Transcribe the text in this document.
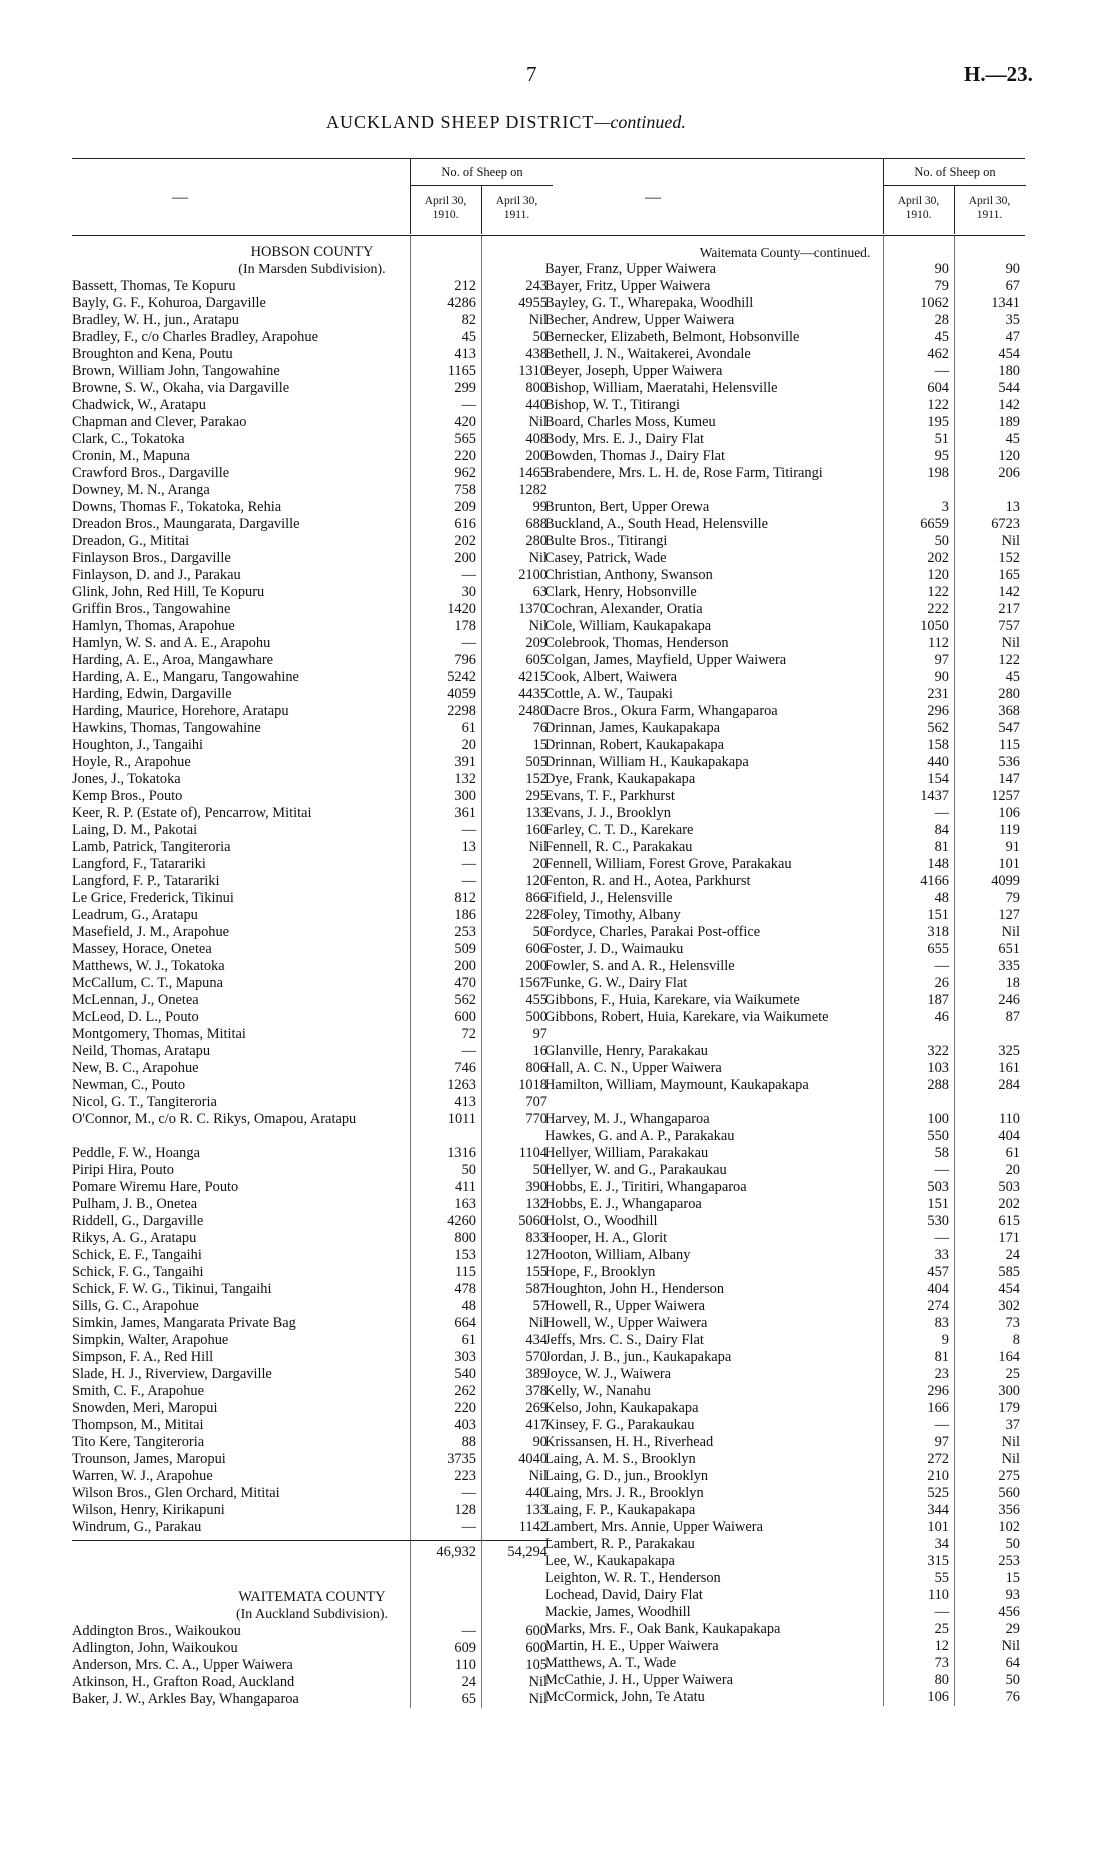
7	H.—23.
AUCKLAND SHEEP DISTRICT—continued.
—
No. of Sheep on
April 30, 1910.
April 30, 1911.
HOBSON COUNTY
(In Marsden Subdivision).
Bassett, Thomas, Te Kopuru	212	243
Bayly, G. F., Kohuroa, Dargaville	4286	4955
Bradley, W. H., jun., Aratapu	82	Nil
Bradley, F., c/o Charles Bradley, Arapohue	45	50
Broughton and Kena, Poutu	413	438
Brown, William John, Tangowahine	1165	1310
Browne, S. W., Okaha, via Dargaville	299	800
Chadwick, W., Aratapu	—	440
Chapman and Clever, Parakao	420	Nil
Clark, C., Tokatoka	565	408
Cronin, M., Mapuna	220	200
Crawford Bros., Dargaville	962	1465
Downey, M. N., Aranga	758	1282
Downs, Thomas F., Tokatoka, Rehia	209	99
Dreadon Bros., Maungarata, Dargaville	616	688
Dreadon, G., Mititai	202	280
Finlayson Bros., Dargaville	200	Nil
Finlayson, D. and J., Parakau	—	2100
Glink, John, Red Hill, Te Kopuru	30	63
Griffin Bros., Tangowahine	1420	1370
Hamlyn, Thomas, Arapohue	178	Nil
Hamlyn, W. S. and A. E., Arapohu	—	209
Harding, A. E., Aroa, Mangawhare	796	605
Harding, A. E., Mangaru, Tangowahine	5242	4215
Harding, Edwin, Dargaville	4059	4435
Harding, Maurice, Horehore, Aratapu	2298	2480
Hawkins, Thomas, Tangowahine	61	76
Houghton, J., Tangaihi	20	15
Hoyle, R., Arapohue	391	505
Jones, J., Tokatoka	132	152
Kemp Bros., Pouto	300	295
Keer, R. P. (Estate of), Pencarrow, Mititai	361	133
Laing, D. M., Pakotai	—	160
Lamb, Patrick, Tangiteroria	13	Nil
Langford, F., Tatarariki	—	20
Langford, F. P., Tatarariki	—	120
Le Grice, Frederick, Tikinui	812	866
Leadrum, G., Aratapu	186	228
Masefield, J. M., Arapohue	253	50
Massey, Horace, Onetea	509	606
Matthews, W. J., Tokatoka	200	200
McCallum, C. T., Mapuna	470	1567
McLennan, J., Onetea	562	455
McLeod, D. L., Pouto	600	500
Montgomery, Thomas, Mititai	72	97
Neild, Thomas, Aratapu	—	16
New, B. C., Arapohue	746	806
Newman, C., Pouto	1263	1018
Nicol, G. T., Tangiteroria	413	707
O'Connor, M., c/o R. C. Rikys, Omapou, Aratapu	1011	770
Peddle, F. W., Hoanga	1316	1104
Piripi Hira, Pouto	50	50
Pomare Wiremu Hare, Pouto	411	390
Pulham, J. B., Onetea	163	132
Riddell, G., Dargaville	4260	5060
Rikys, A. G., Aratapu	800	833
Schick, E. F., Tangaihi	153	127
Schick, F. G., Tangaihi	115	155
Schick, F. W. G., Tikinui, Tangaihi	478	587
Sills, G. C., Arapohue	48	57
Simkin, James, Mangarata Private Bag	664	Nil
Simpkin, Walter, Arapohue	61	434
Simpson, F. A., Red Hill	303	570
Slade, H. J., Riverview, Dargaville	540	389
Smith, C. F., Arapohue	262	378
Snowden, Meri, Maropui	220	269
Thompson, M., Mititai	403	417
Tito Kere, Tangiteroria	88	90
Trounson, James, Maropui	3735	4040
Warren, W. J., Arapohue	223	Nil
Wilson Bros., Glen Orchard, Mititai	—	440
Wilson, Henry, Kirikapuni	128	133
Windrum, G., Parakau	—	1142
46,932	54,294
WAITEMATA COUNTY
(In Auckland Subdivision).
Addington Bros., Waikoukou	—	600
Adlington, John, Waikoukou	609	600
Anderson, Mrs. C. A., Upper Waiwera	110	105
Atkinson, H., Grafton Road, Auckland	24	Nil
Baker, J. W., Arkles Bay, Whangaparoa	65	Nil
—
No. of Sheep on
April 30, 1910.
April 30, 1911.
Waitemata County—continued.
Bayer, Franz, Upper Waiwera	90	90
Bayer, Fritz, Upper Waiwera	79	67
Bayley, G. T., Wharepaka, Woodhill	1062	1341
Becher, Andrew, Upper Waiwera	28	35
Bernecker, Elizabeth, Belmont, Hobsonville	45	47
Bethell, J. N., Waitakerei, Avondale	462	454
Beyer, Joseph, Upper Waiwera	—	180
Bishop, William, Maeratahi, Helensville	604	544
Bishop, W. T., Titirangi	122	142
Board, Charles Moss, Kumeu	195	189
Body, Mrs. E. J., Dairy Flat	51	45
Bowden, Thomas J., Dairy Flat	95	120
Brabendere, Mrs. L. H. de, Rose Farm, Titirangi	198	206
Brunton, Bert, Upper Orewa	3	13
Buckland, A., South Head, Helensville	6659	6723
Bulte Bros., Titirangi	50	Nil
Casey, Patrick, Wade	202	152
Christian, Anthony, Swanson	120	165
Clark, Henry, Hobsonville	122	142
Cochran, Alexander, Oratia	222	217
Cole, William, Kaukapakapa	1050	757
Colebrook, Thomas, Henderson	112	Nil
Colgan, James, Mayfield, Upper Waiwera	97	122
Cook, Albert, Waiwera	90	45
Cottle, A. W., Taupaki	231	280
Dacre Bros., Okura Farm, Whangaparoa	296	368
Drinnan, James, Kaukapakapa	562	547
Drinnan, Robert, Kaukapakapa	158	115
Drinnan, William H., Kaukapakapa	440	536
Dye, Frank, Kaukapakapa	154	147
Evans, T. F., Parkhurst	1437	1257
Evans, J. J., Brooklyn	—	106
Farley, C. T. D., Karekare	84	119
Fennell, R. C., Parakakau	81	91
Fennell, William, Forest Grove, Parakakau	148	101
Fenton, R. and H., Aotea, Parkhurst	4166	4099
Fifield, J., Helensville	48	79
Foley, Timothy, Albany	151	127
Fordyce, Charles, Parakai Post-office	318	Nil
Foster, J. D., Waimauku	655	651
Fowler, S. and A. R., Helensville	—	335
Funke, G. W., Dairy Flat	26	18
Gibbons, F., Huia, Karekare, via Waikumete	187	246
Gibbons, Robert, Huia, Karekare, via Waikumete	46	87
Glanville, Henry, Parakakau	322	325
Hall, A. C. N., Upper Waiwera	103	161
Hamilton, William, Maymount, Kaukapakapa	288	284
Harvey, M. J., Whangaparoa	100	110
Hawkes, G. and A. P., Parakakau	550	404
Hellyer, William, Parakakau	58	61
Hellyer, W. and G., Parakaukau	—	20
Hobbs, E. J., Tiritiri, Whangaparoa	503	503
Hobbs, E. J., Whangaparoa	151	202
Holst, O., Woodhill	530	615
Hooper, H. A., Glorit	—	171
Hooton, William, Albany	33	24
Hope, F., Brooklyn	457	585
Houghton, John H., Henderson	404	454
Howell, R., Upper Waiwera	274	302
Howell, W., Upper Waiwera	83	73
Jeffs, Mrs. C. S., Dairy Flat	9	8
Jordan, J. B., jun., Kaukapakapa	81	164
Joyce, W. J., Waiwera	23	25
Kelly, W., Nanahu	296	300
Kelso, John, Kaukapakapa	166	179
Kinsey, F. G., Parakaukau	—	37
Krissansen, H. H., Riverhead	97	Nil
Laing, A. M. S., Brooklyn	272	Nil
Laing, G. D., jun., Brooklyn	210	275
Laing, Mrs. J. R., Brooklyn	525	560
Laing, F. P., Kaukapakapa	344	356
Lambert, Mrs. Annie, Upper Waiwera	101	102
Lambert, R. P., Parakakau	34	50
Lee, W., Kaukapakapa	315	253
Leighton, W. R. T., Henderson	55	15
Lochead, David, Dairy Flat	110	93
Mackie, James, Woodhill	—	456
Marks, Mrs. F., Oak Bank, Kaukapakapa	25	29
Martin, H. E., Upper Waiwera	12	Nil
Matthews, A. T., Wade	73	64
McCathie, J. H., Upper Waiwera	80	50
McCormick, John, Te Atatu	106	76
